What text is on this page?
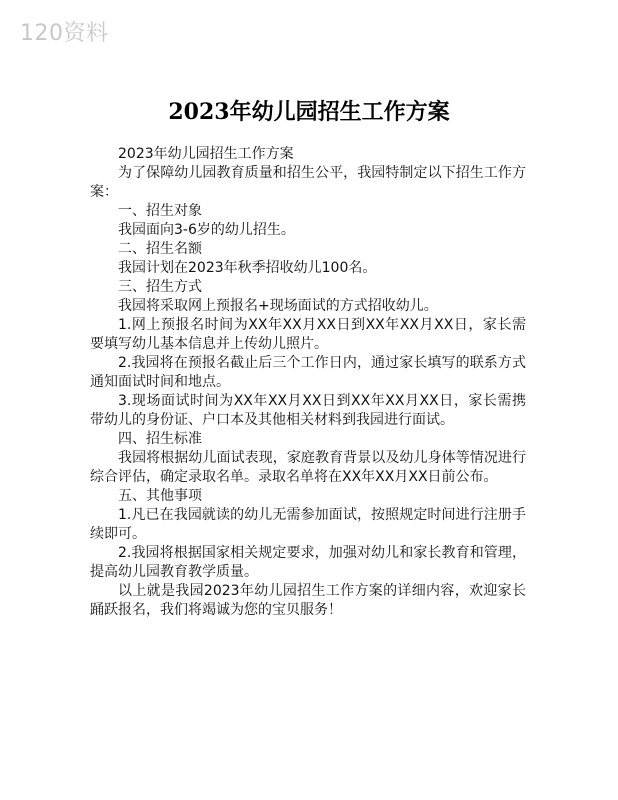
120资料
2023年幼儿园招生工作方案

2023年幼儿园招生工作方案

为了保障幼儿园教育质量和招生公平，我园特制定以下招生工作方案：

一、招生对象

我园面向3-6岁的幼儿招生。

二、招生名额

我园计划在2023年秋季招收幼儿100名。

三、招生方式

我园将采取网上预报名+现场面试的方式招收幼儿。

1.网上预报名时间为XX年XX月XX日到XX年XX月XX日，家长需要填写幼儿基本信息并上传幼儿照片。

2.我园将在预报名截止后三个工作日内，通过家长填写的联系方式通知面试时间和地点。

3.现场面试时间为XX年XX月XX日到XX年XX月XX日，家长需携带幼儿的身份证、户口本及其他相关材料到我园进行面试。

四、招生标准

我园将根据幼儿面试表现，家庭教育背景以及幼儿身体等情况进行综合评估，确定录取名单。录取名单将在XX年XX月XX日前公布。

五、其他事项

1.凡已在我园就读的幼儿无需参加面试，按照规定时间进行注册手续即可。

2.我园将根据国家相关规定要求，加强对幼儿和家长教育和管理，提高幼儿园教育教学质量。

以上就是我园2023年幼儿园招生工作方案的详细内容，欢迎家长踊跃报名，我们将竭诚为您的宝贝服务！
